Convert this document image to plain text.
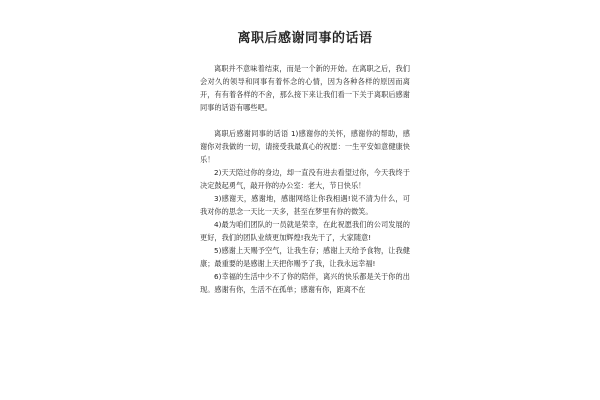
离职后感谢同事的话语

离职并不意味着结束，而是一个新的开始。在离职之后，我们会对久的领导和同事有着怀念的心情，因为各种各样的原因而离开，有有着各样的不舍，那么接下来让我们看一下关于离职后感谢同事的话语有哪些吧。

离职后感谢同事的话语 1)感谢你的关怀，感谢你的帮助，感谢你对我做的一切，请接受我最真心的祝愿：一生平安如意健康快乐！

2)天天陪过你的身边，却一直没有进去看望过你，今天我终于决定鼓起勇气，敲开你的办公室：老大，节日快乐！

3)感谢天，感谢地，感谢网络让你我相遇!说不清为什么，可我对你的思念一天比一天多，甚至在梦里有你的微笑。

4)最为咱们团队的一员就是荣幸，在此祝愿我们的公司发展的更好，我们的团队业绩更加辉煌!我先干了，大家随意!

5)感谢上天赐予空气，让我生存；感谢上天给予食物，让我健康；最重要的是感谢上天把你赐予了我，让我永远幸福!

6)幸福的生活中少不了你的陪伴，离兴的快乐都是关于你的出现。感谢有你，生活不在孤单；感谢有你，距离不在
